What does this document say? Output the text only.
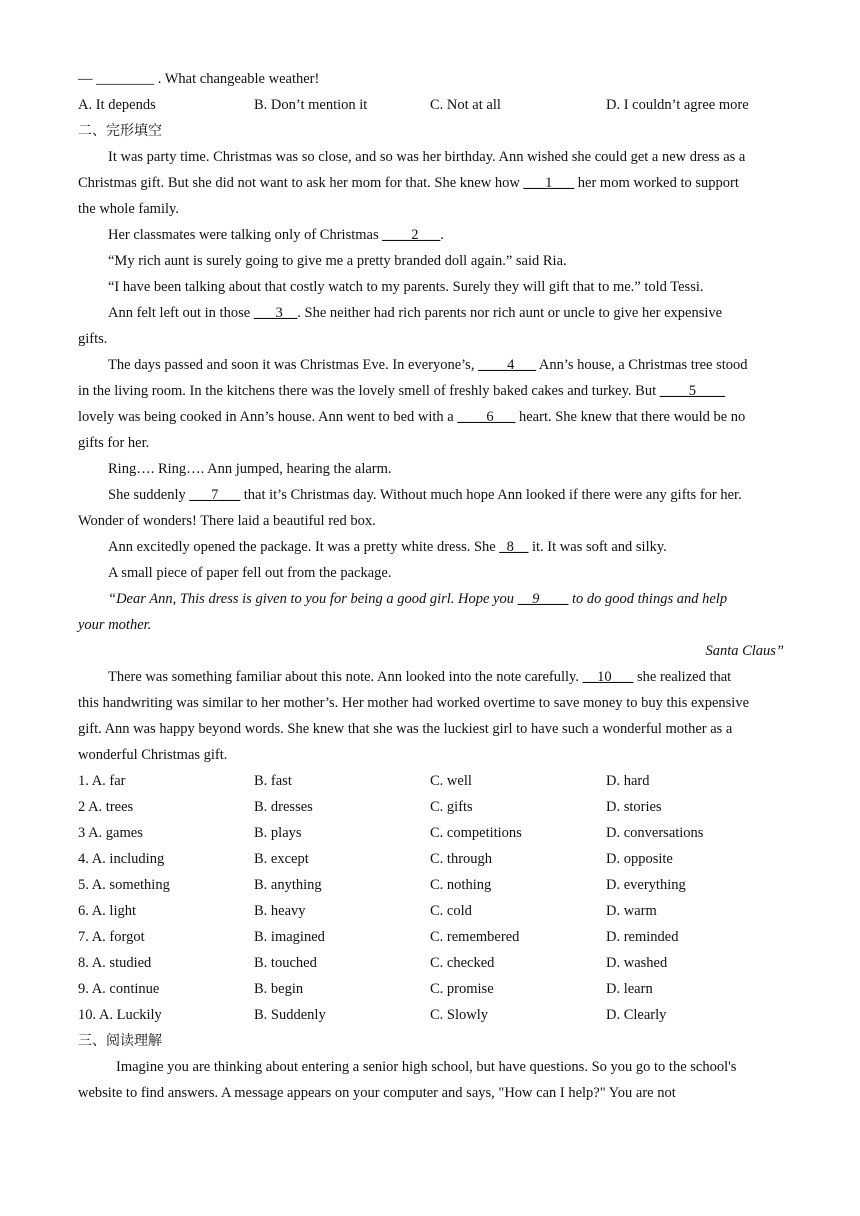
— ________ . What changeable weather!
A. It depends	B. Don’t mention it	C. Not at all	D. I couldn’t agree more
二、完形填空
It was party time. Christmas was so close, and so was her birthday. Ann wished she could get a new dress as a
Christmas gift. But she did not want to ask her mom for that. She knew how ___1___ her mom worked to support
the whole family.
Her classmates were talking only of Christmas ____2___.
“My rich aunt is surely going to give me a pretty branded doll again.” said Ria.
“I have been talking about that costly watch to my parents. Surely they will gift that to me.” told Tessi.
Ann felt left out in those ___3__. She neither had rich parents nor rich aunt or uncle to give her expensive
gifts.
The days passed and soon it was Christmas Eve. In everyone’s, ____4___ Ann’s house, a Christmas tree stood
in the living room. In the kitchens there was the lovely smell of freshly baked cakes and turkey. But ____5____
lovely was being cooked in Ann’s house. Ann went to bed with a ____6___ heart. She knew that there would be no
gifts for her.
Ring…. Ring…. Ann jumped, hearing the alarm.
She suddenly ___7___ that it’s Christmas day. Without much hope Ann looked if there were any gifts for her.
Wonder of wonders! There laid a beautiful red box.
Ann excitedly opened the package. It was a pretty white dress. She _8__ it. It was soft and silky.
A small piece of paper fell out from the package.
“Dear Ann, This dress is given to you for being a good girl. Hope you __9____ to do good things and help
your mother.
Santa Claus”
There was something familiar about this note. Ann looked into the note carefully. __10___ she realized that
this handwriting was similar to her mother’s. Her mother had worked overtime to save money to buy this expensive
gift. Ann was happy beyond words. She knew that she was the luckiest girl to have such a wonderful mother as a
wonderful Christmas gift.
1. A. far	B. fast	C. well	D. hard
2 A. trees	B. dresses	C. gifts	D. stories
3 A. games	B. plays	C. competitions	D. conversations
4. A. including	B. except	C. through	D. opposite
5. A. something	B. anything	C. nothing	D. everything
6. A. light	B. heavy	C. cold	D. warm
7. A. forgot	B. imagined	C. remembered	D. reminded
8. A. studied	B. touched	C. checked	D. washed
9. A. continue	B. begin	C. promise	D. learn
10. A. Luckily	B. Suddenly	C. Slowly	D. Clearly
三、阅读理解
Imagine you are thinking about entering a senior high school, but have questions. So you go to the school's
website to find answers. A message appears on your computer and says, "How can I help?" You are not
